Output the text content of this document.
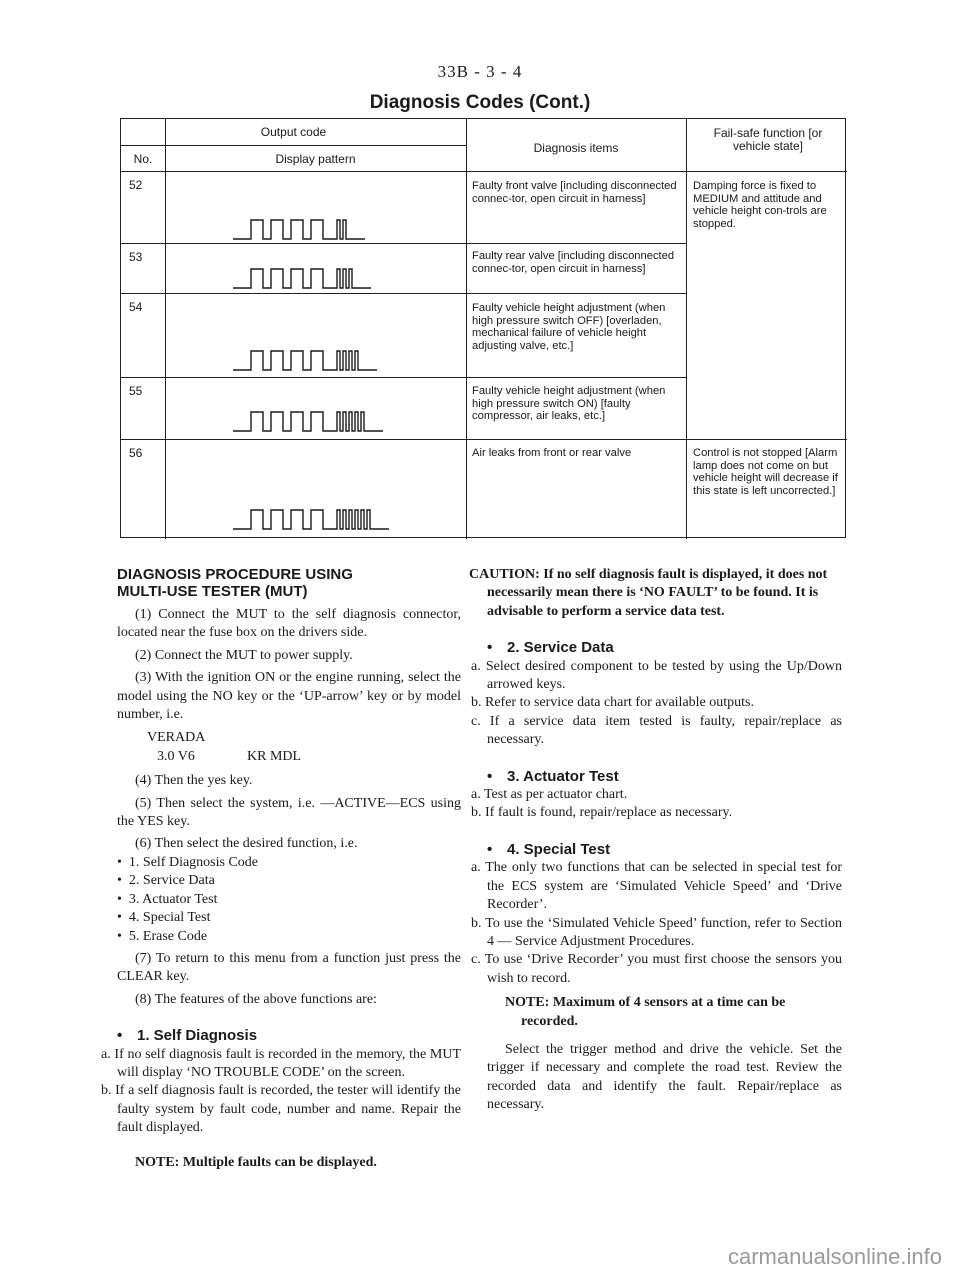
33B - 3 - 4
Diagnosis Codes (Cont.)
Output code
No.	Display pattern
Diagnosis items
Fail-safe function [or vehicle state]
52
53
54
55
56
Faulty front valve [including disconnected connec-tor, open circuit in harness]
Faulty rear valve [including disconnected connec-tor, open circuit in harness]
Faulty vehicle height adjustment (when high pressure switch OFF) [overladen, mechanical failure of vehicle height adjusting valve, etc.]
Faulty vehicle height adjustment (when high pressure switch ON) [faulty compressor, air leaks, etc.]
Air leaks from front or rear valve
Damping force is fixed to MEDIUM and attitude and vehicle height con-trols are stopped.
Control is not stopped [Alarm lamp does not come on but vehicle height will decrease if this state is left uncorrected.]

DIAGNOSIS PROCEDURE USING

MULTI-USE TESTER (MUT)

(1) Connect the MUT to the self diagnosis connector, located near the fuse box on the drivers side.

(2) Connect the MUT to power supply.

(3) With the ignition ON or the engine running, select the model using the NO key or the ‘UP-arrow’ key or by model number, i.e.

VERADA

3.0 V6	KR MDL

(4) Then the yes key.

(5) Then select the system, i.e. —ACTIVE—ECS using the YES key.

(6) Then select the desired function, i.e.

•  1. Self Diagnosis Code

•  2. Service Data

•  3. Actuator Test

•  4. Special Test

•  5. Erase Code

(7) To return to this menu from a function just press the CLEAR key.

(8) The features of the above functions are:

• 1. Self Diagnosis

a. If no self diagnosis fault is recorded in the memory, the MUT will display ‘NO TROUBLE CODE’ on the screen.

b. If a self diagnosis fault is recorded, the tester will identify the faulty system by fault code, number and name. Repair the fault displayed.

NOTE: Multiple faults can be displayed.

CAUTION: If no self diagnosis fault is displayed, it does not necessarily mean there is ‘NO FAULT’ to be found. It is advisable to perform a service data test.

• 2. Service Data

a. Select desired component to be tested by using the Up/Down arrowed keys.

b. Refer to service data chart for available outputs.

c. If a service data item tested is faulty, repair/replace as necessary.

• 3. Actuator Test

a. Test as per actuator chart.

b. If fault is found, repair/replace as necessary.

• 4. Special Test

a. The only two functions that can be selected in special test for the ECS system are ‘Simulated Vehicle Speed’ and ‘Drive Recorder’.

b. To use the ‘Simulated Vehicle Speed’ function, refer to Section 4 — Service Adjustment Procedures.

c. To use ‘Drive Recorder’ you must first choose the sensors you wish to record.

NOTE: Maximum of 4 sensors at a time can be recorded.

Select the trigger method and drive the vehicle. Set the trigger if necessary and complete the road test. Review the recorded data and identify the fault. Repair/replace as necessary.

carmanualsonline.info
